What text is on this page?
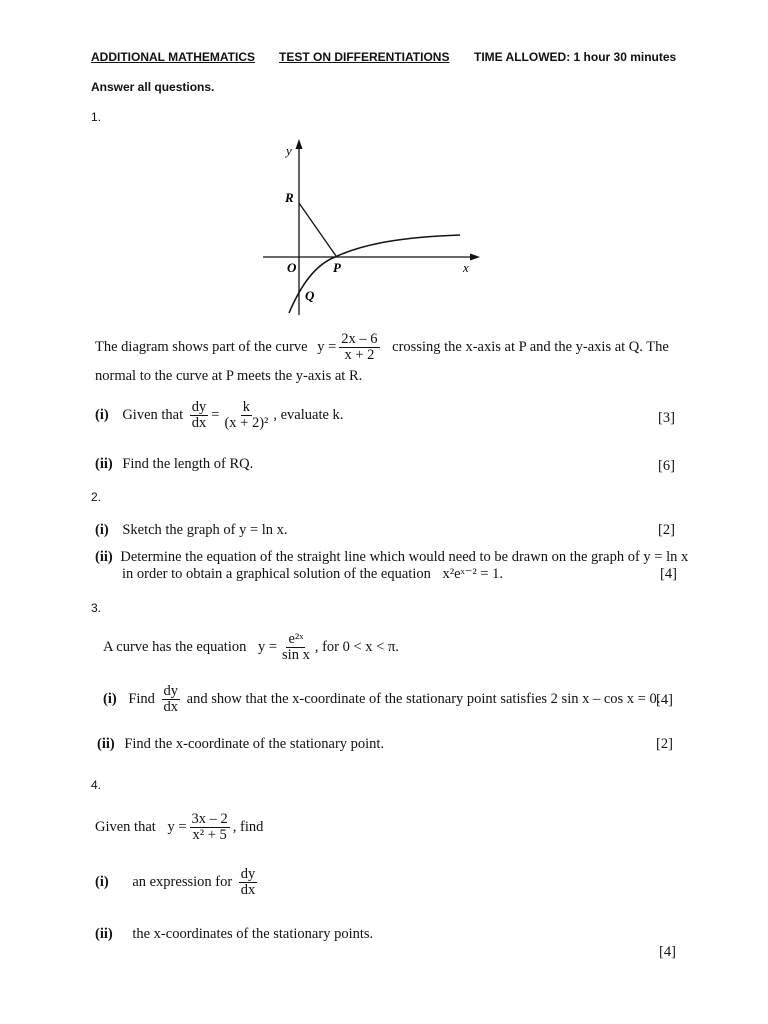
ADDITIONAL MATHEMATICS TEST ON DIFFERENTIATIONS TIME ALLOWED: 1 hour 30 minutes
Answer all questions.
1.
y
x
R
O	P
Q
The diagram shows part of the curve $y = \frac{2x - 6}{x + 2}$ crossing the x-axis at P and the y-axis at Q. The
normal to the curve at P meets the y-axis at R.
(i) Given that $\frac{dy}{dx} = \frac{k}{\text{(x + 2)²}}$ , evaluate k.	[3]
(ii) Find the length of RQ.	[6]
2.
(i) Sketch the graph of y = ln x.	[2]
(ii) Determine the equation of the straight line which would need to be drawn on the graph of y = ln x
in order to obtain a graphical solution of the equation x²eˣ⁻² = 1.	[4]
3.
A curve has the equation $y = \frac{\text{e²ˣ}}{\text{sin x}}$ , for 0 < x < π.
(i) Find $\frac{dy}{dx}$ and show that the x-coordinate of the stationary point satisfies 2 sin x – cos x = 0.
[4]
(ii) Find the x-coordinate of the stationary point.	[2]
4.
Given that $y = \frac{3x - 2}{\text{x² + 5}}$ , find
(i) an expression for $\frac{dy}{dx}$
(ii) the x-coordinates of the stationary points.
[4]
